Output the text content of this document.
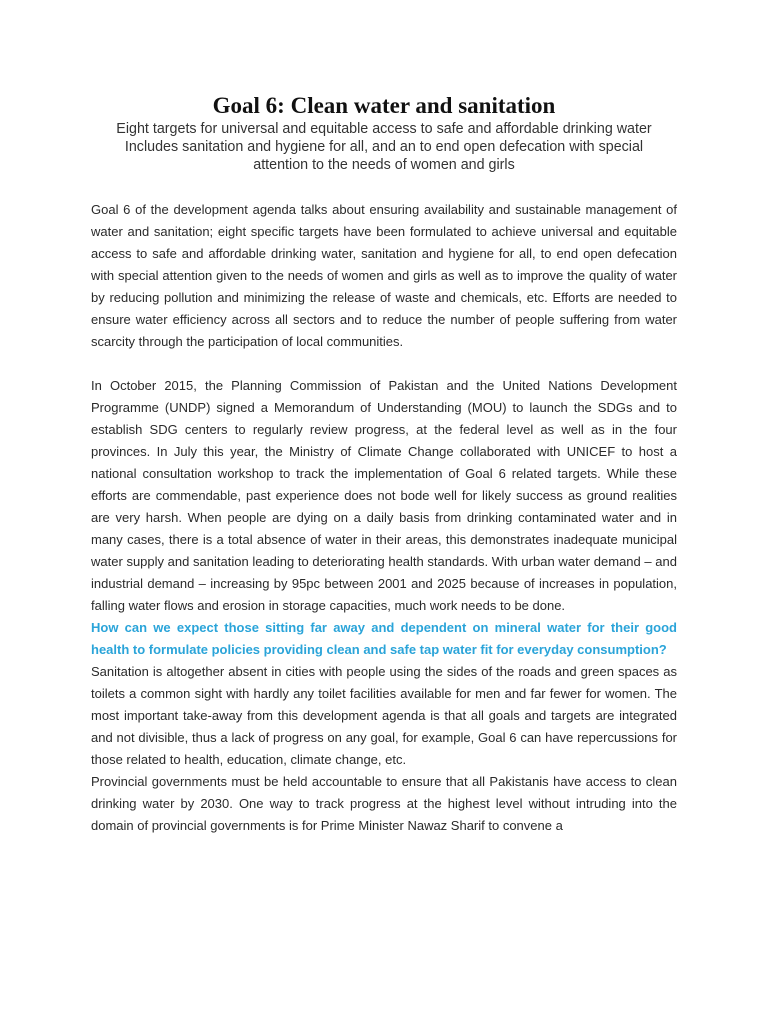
Goal 6: Clean water and sanitation

Eight targets for universal and equitable access to safe and affordable drinking water

Includes sanitation and hygiene for all, and an to end open defecation with special

attention to the needs of women and girls

Goal 6 of the development agenda talks about ensuring availability and sustainable management of water and sanitation; eight specific targets have been formulated to achieve universal and equitable access to safe and affordable drinking water, sanitation and hygiene for all, to end open defecation with special attention given to the needs of women and girls as well as to improve the quality of water by reducing pollution and minimizing the release of waste and chemicals, etc. Efforts are needed to ensure water efficiency across all sectors and to reduce the number of people suffering from water scarcity through the participation of local communities.

In October 2015, the Planning Commission of Pakistan and the United Nations Development Programme (UNDP) signed a Memorandum of Understanding (MOU) to launch the SDGs and to establish SDG centers to regularly review progress, at the federal level as well as in the four provinces. In July this year, the Ministry of Climate Change collaborated with UNICEF to host a national consultation workshop to track the implementation of Goal 6 related targets. While these efforts are commendable, past experience does not bode well for likely success as ground realities are very harsh. When people are dying on a daily basis from drinking contaminated water and in many cases, there is a total absence of water in their areas, this demonstrates inadequate municipal water supply and sanitation leading to deteriorating health standards. With urban water demand – and industrial demand – increasing by 95pc between 2001 and 2025 because of increases in population, falling water flows and erosion in storage capacities, much work needs to be done.

How can we expect those sitting far away and dependent on mineral water for their good health to formulate policies providing clean and safe tap water fit for everyday consumption?

Sanitation is altogether absent in cities with people using the sides of the roads and green spaces as toilets a common sight with hardly any toilet facilities available for men and far fewer for women. The most important take-away from this development agenda is that all goals and targets are integrated and not divisible, thus a lack of progress on any goal, for example, Goal 6 can have repercussions for those related to health, education, climate change, etc.

Provincial governments must be held accountable to ensure that all Pakistanis have access to clean drinking water by 2030. One way to track progress at the highest level without intruding into the domain of provincial governments is for Prime Minister Nawaz Sharif to convene a
